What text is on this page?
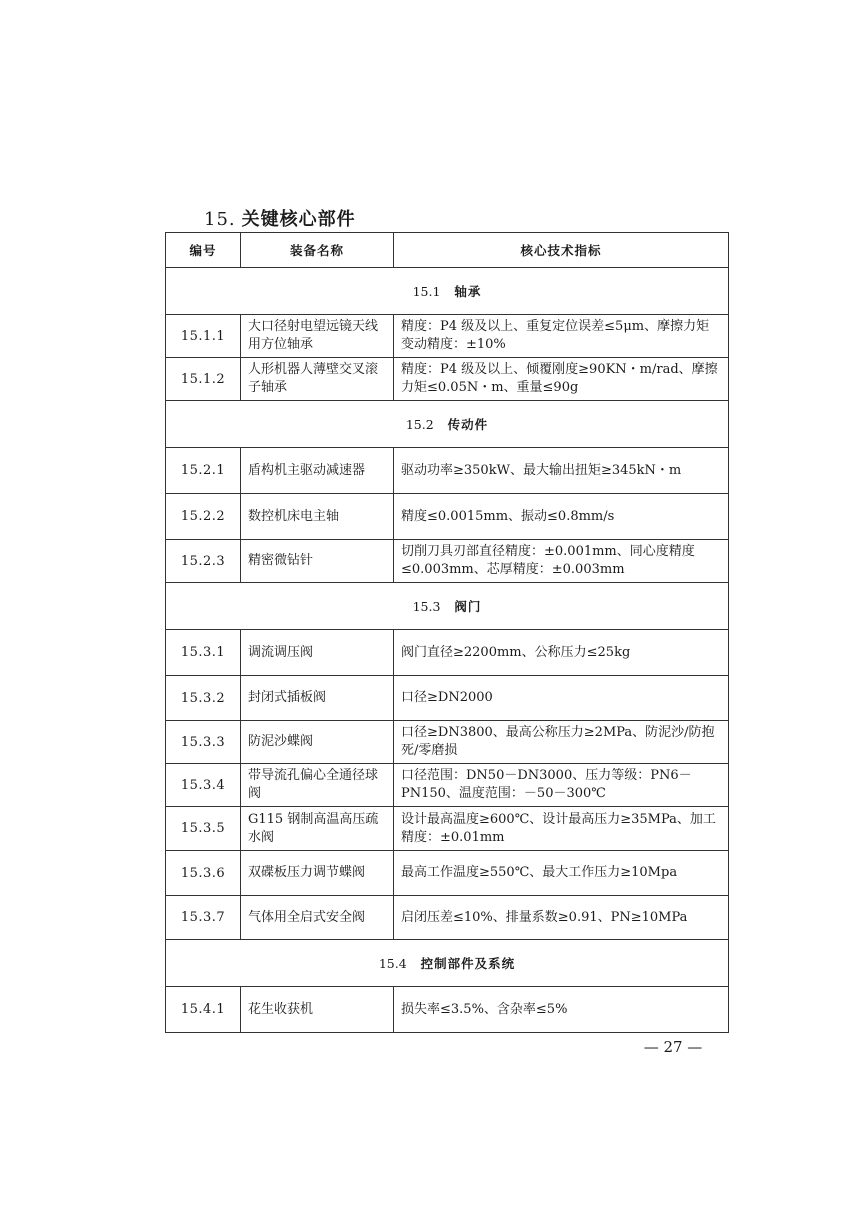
15. 关键核心部件
编号	装备名称	核心技术指标
15.1 轴承		
15.1.1	大口径射电望远镜天线用方位轴承	精度：P4 级及以上、重复定位误差≤5μm、摩擦力矩变动精度：±10%
15.1.2	人形机器人薄壁交叉滚子轴承	精度：P4 级及以上、倾覆刚度≥90KN・m/rad、摩擦力矩≤0.05N・m、重量≤90g
15.2 传动件		
15.2.1	盾构机主驱动减速器	驱动功率≥350kW、最大输出扭矩≥345kN・m
15.2.2	数控机床电主轴	精度≤0.0015mm、振动≤0.8mm/s
15.2.3	精密微钻针	切削刀具刃部直径精度：±0.001mm、同心度精度≤0.003mm、芯厚精度：±0.003mm
15.3 阀门		
15.3.1	调流调压阀	阀门直径≥2200mm、公称压力≤25kg
15.3.2	封闭式插板阀	口径≥DN2000
15.3.3	防泥沙蝶阀	口径≥DN3800、最高公称压力≥2MPa、防泥沙/防抱死/零磨损
15.3.4	带导流孔偏心全通径球阀	口径范围：DN50－DN3000、压力等级：PN6－PN150、温度范围：－50－300℃
15.3.5	G115 钢制高温高压疏水阀	设计最高温度≥600℃、设计最高压力≥35MPa、加工精度：±0.01mm
15.3.6	双碟板压力调节蝶阀	最高工作温度≥550℃、最大工作压力≥10Mpa
15.3.7	气体用全启式安全阀	启闭压差≤10%、排量系数≥0.91、PN≥10MPa
15.4 控制部件及系统		
15.4.1	花生收获机	损失率≤3.5%、含杂率≤5%
— 27 —
